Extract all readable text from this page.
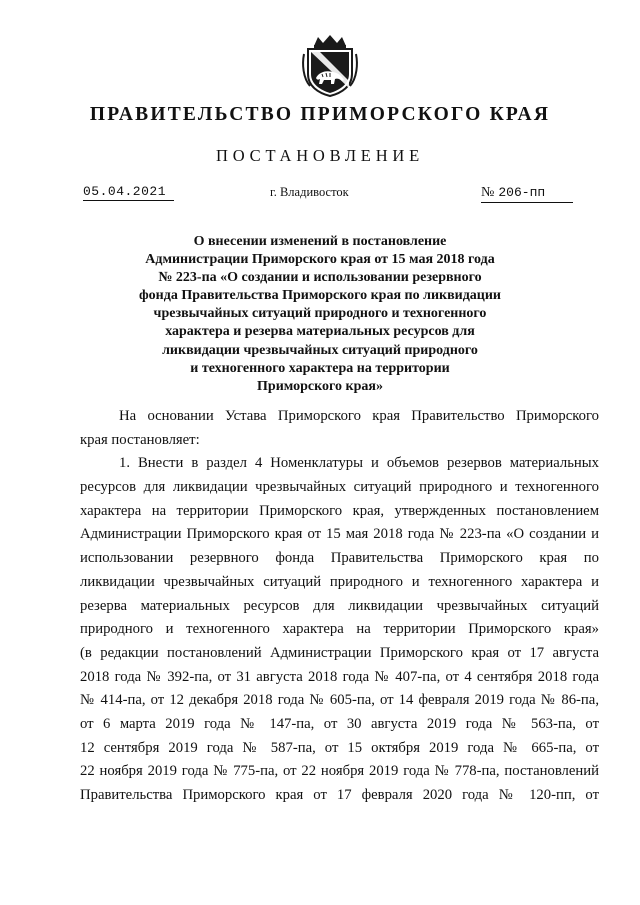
ПРАВИТЕЛЬСТВО ПРИМОРСКОГО КРАЯ
ПОСТАНОВЛЕНИЕ
05.04.2021	г. Владивосток	№ 206-пп
О внесении изменений в постановление
Администрации Приморского края от 15 мая 2018 года
№ 223-па «О создании и использовании резервного
фонда Правительства Приморского края по ликвидации
чрезвычайных ситуаций природного и техногенного
характера и резерва материальных ресурсов для
ликвидации чрезвычайных ситуаций природного
и техногенного характера на территории
Приморского края»
На основании Устава Приморского края Правительство Приморского
края постановляет:
1. Внести в раздел 4 Номенклатуры и объемов резервов материальных
ресурсов для ликвидации чрезвычайных ситуаций природного и техногенного
характера на территории Приморского края, утвержденных постановлением
Администрации Приморского края от 15 мая 2018 года № 223-па «О создании и
использовании резервного фонда Правительства Приморского края по
ликвидации чрезвычайных ситуаций природного и техногенного характера и
резерва материальных ресурсов для ликвидации чрезвычайных ситуаций
природного и техногенного характера на территории Приморского края»
(в редакции постановлений Администрации Приморского края от 17 августа
2018 года № 392-па, от 31 августа 2018 года № 407-па, от 4 сентября 2018 года
№ 414-па, от 12 декабря 2018 года № 605-па, от 14 февраля 2019 года № 86-па,
от 6 марта 2019 года № 147-па, от 30 августа 2019 года № 563-па, от
12 сентября 2019 года № 587-па, от 15 октября 2019 года № 665-па, от
22 ноября 2019 года № 775-па, от 22 ноября 2019 года № 778-па, постановлений
Правительства Приморского края от 17 февраля 2020 года № 120-пп, от
